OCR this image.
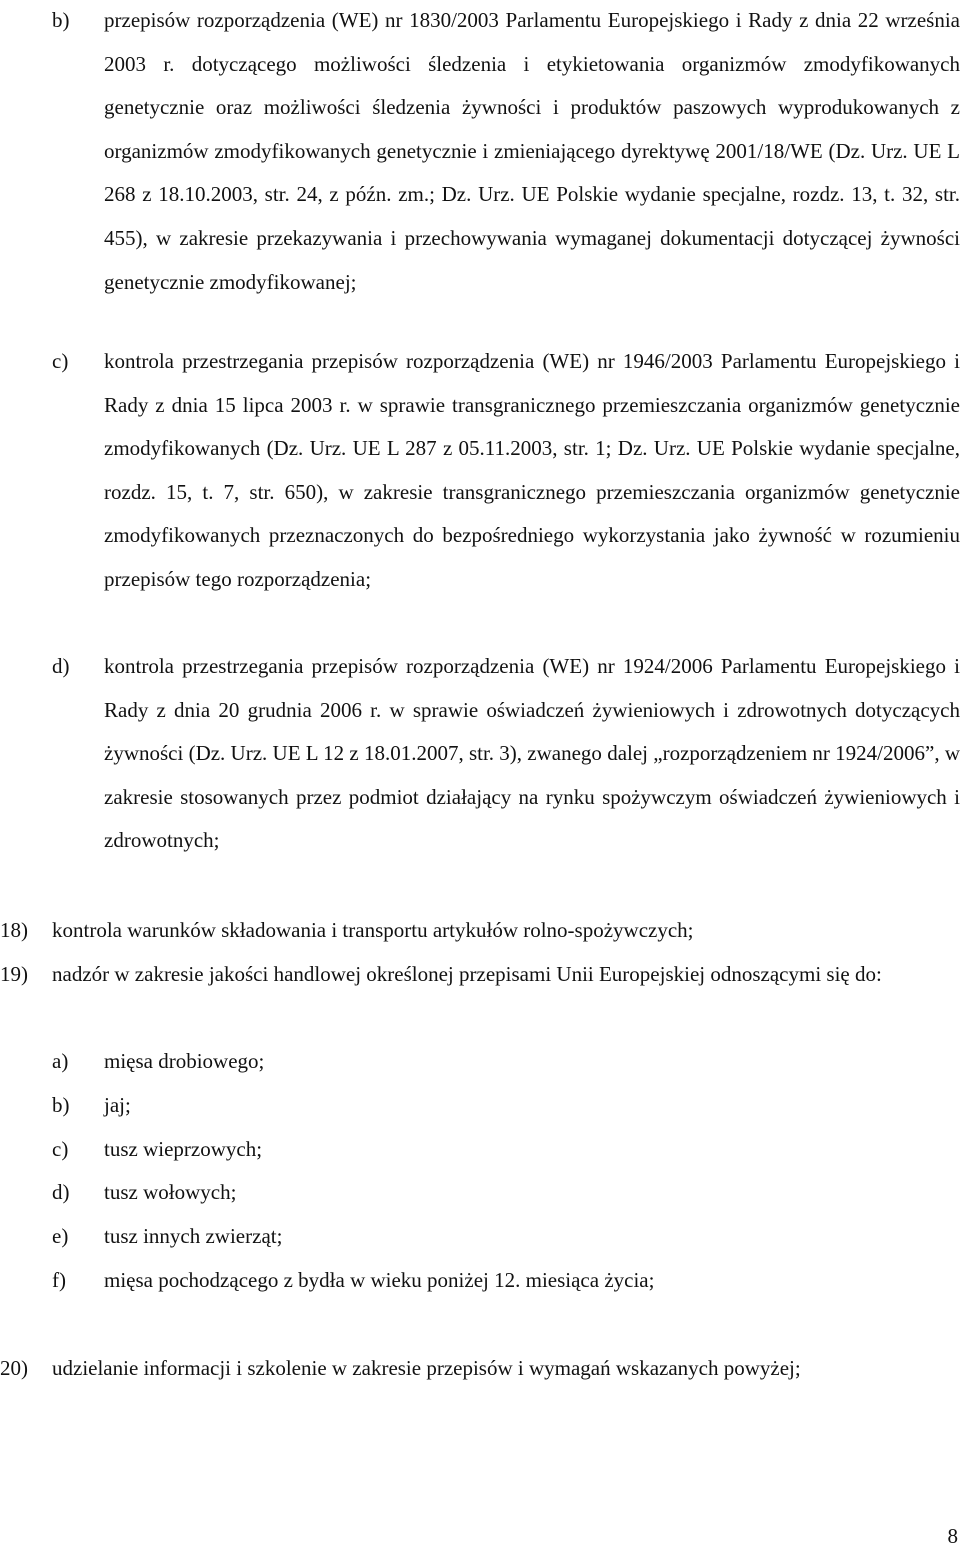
b)	przepisów rozporządzenia (WE) nr 1830/2003 Parlamentu Europejskiego i Rady z dnia 22 września 2003 r. dotyczącego możliwości śledzenia i etykietowania organizmów zmodyfikowanych genetycznie oraz możliwości śledzenia żywności i produktów paszowych wyprodukowanych z organizmów zmodyfikowanych genetycznie i zmieniającego dyrektywę 2001/18/WE (Dz. Urz. UE L 268 z 18.10.2003, str. 24, z późn. zm.; Dz. Urz. UE Polskie wydanie specjalne, rozdz. 13, t. 32, str. 455), w zakresie przekazywania i przechowywania wymaganej dokumentacji dotyczącej żywności genetycznie zmodyfikowanej;
c)	kontrola przestrzegania przepisów rozporządzenia (WE) nr 1946/2003 Parlamentu Europejskiego i Rady z dnia 15 lipca 2003 r. w sprawie transgranicznego przemieszczania organizmów genetycznie zmodyfikowanych (Dz. Urz. UE L 287 z 05.11.2003, str. 1; Dz. Urz. UE Polskie wydanie specjalne, rozdz. 15, t. 7, str. 650), w zakresie transgranicznego przemieszczania organizmów genetycznie zmodyfikowanych przeznaczonych do bezpośredniego wykorzystania jako żywność w rozumieniu przepisów tego rozporządzenia;
d)	kontrola przestrzegania przepisów rozporządzenia (WE) nr 1924/2006 Parlamentu Europejskiego i Rady z dnia 20 grudnia 2006 r. w sprawie oświadczeń żywieniowych i zdrowotnych dotyczących żywności (Dz. Urz. UE L 12 z 18.01.2007, str. 3), zwanego dalej „rozporządzeniem nr 1924/2006”, w zakresie stosowanych przez podmiot działający na rynku spożywczym oświadczeń żywieniowych i zdrowotnych;
18)	kontrola warunków składowania i transportu artykułów rolno-spożywczych;
19)	nadzór w zakresie jakości handlowej określonej przepisami Unii Europejskiej odnoszącymi się do:
a)	mięsa drobiowego;
b)	jaj;
c)	tusz wieprzowych;
d)	tusz wołowych;
e)	tusz innych zwierząt;
f)	mięsa pochodzącego z bydła w wieku poniżej 12. miesiąca życia;
20)	udzielanie informacji i szkolenie w zakresie przepisów i wymagań wskazanych powyżej;
8
